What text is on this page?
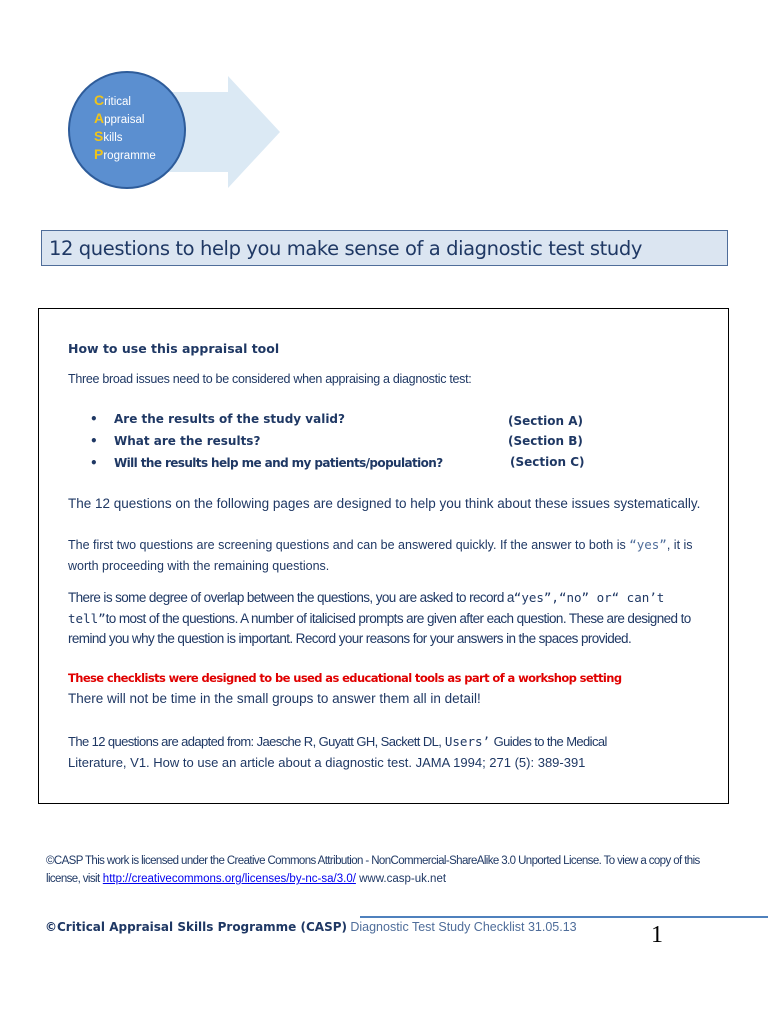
Critical
Appraisal
Skills
Programme
12 questions to help you make sense of a diagnostic test study
How to use this appraisal tool
Three broad issues need to be considered when appraising a diagnostic test:
• Are the results of the study valid?	(Section A)
• What are the results?	(Section B)
• Will the results help me and my patients/population?	(Section C)
The 12 questions on the following pages are designed to help you think about these issues systematically.
The first two questions are screening questions and can be answered quickly. If the answer to both is “yes”, it is worth proceeding with the remaining questions.
There is some degree of overlap between the questions, you are asked to record a“yes”,“no” or“ can’t tell”to most of the questions. A number of italicised prompts are given after each question. These are designed to remind you why the question is important. Record your reasons for your answers in the spaces provided.
These checklists were designed to be used as educational tools as part of a workshop setting
There will not be time in the small groups to answer them all in detail!
The 12 questions are adapted from: Jaesche R, Guyatt GH, Sackett DL, Users’ Guides to the Medical
Literature, V1. How to use an article about a diagnostic test. JAMA 1994; 271 (5): 389-391
©CASP This work is licensed under the Creative Commons Attribution - NonCommercial-ShareAlike 3.0 Unported License. To view a copy of this license, visit http://creativecommons.org/licenses/by-nc-sa/3.0/ www.casp-uk.net
©Critical Appraisal Skills Programme (CASP) Diagnostic Test Study Checklist 31.05.13	1
